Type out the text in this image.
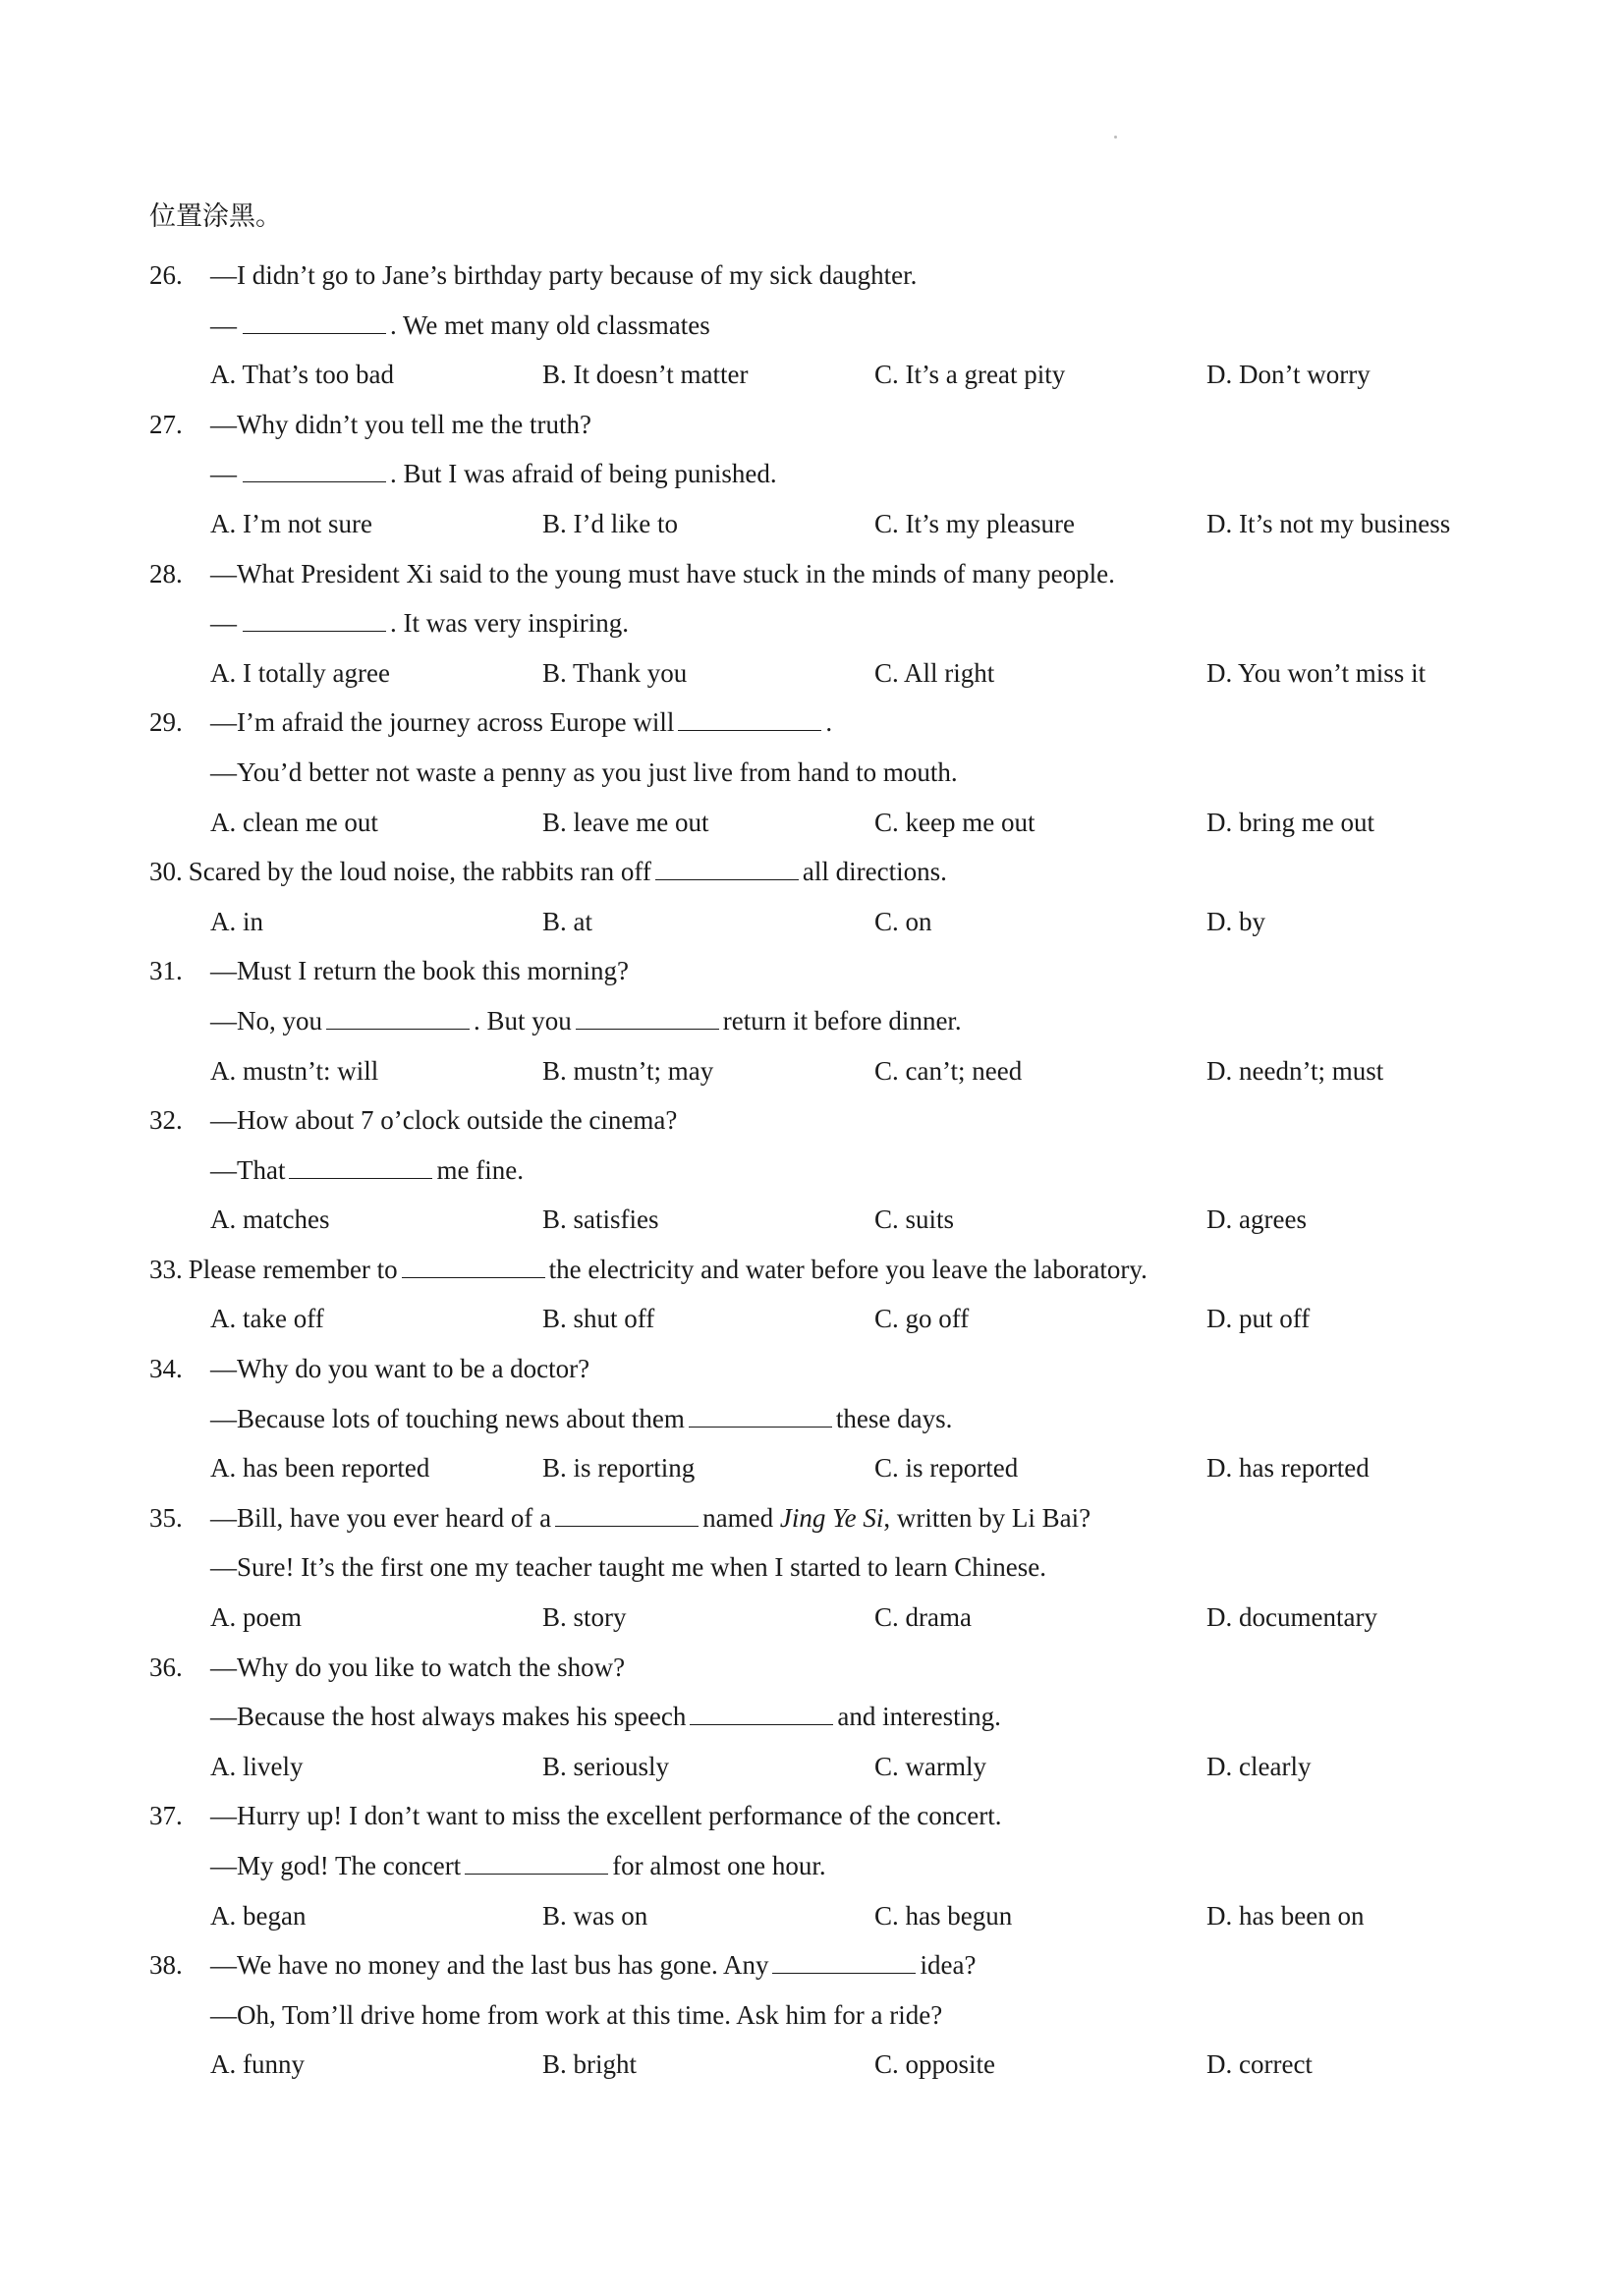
位置涂黑。
26. —I didn’t go to Jane’s birthday party because of my sick daughter.
—	. We met many old classmates
A. That’s too bad	B. It doesn’t matter	C. It’s a great pity	D. Don’t worry
27. —Why didn’t you tell me the truth?
—	. But I was afraid of being punished.
A. I’m not sure	B. I’d like to	C. It’s my pleasure	D. It’s not my business
28. —What President Xi said to the young must have stuck in the minds of many people.
—	. It was very inspiring.
A. I totally agree	B. Thank you	C. All right	D. You won’t miss it
29. —I’m afraid the journey across Europe will	.
—You’d better not waste a penny as you just live from hand to mouth.
A. clean me out	B. leave me out	C. keep me out	D. bring me out
30. Scared by the loud noise, the rabbits ran off	all directions.
A. in	B. at	C. on	D. by
31. —Must I return the book this morning?
—No, you	. But you	return it before dinner.
A. mustn’t: will	B. mustn’t; may	C. can’t; need	D. needn’t; must
32. —How about 7 o’clock outside the cinema?
—That	me fine.
A. matches	B. satisfies	C. suits	D. agrees
33. Please remember to	the electricity and water before you leave the laboratory.
A. take off	B. shut off	C. go off	D. put off
34. —Why do you want to be a doctor?
—Because lots of touching news about them	these days.
A. has been reported	B. is reporting	C. is reported	D. has reported
35. —Bill, have you ever heard of a	named Jing Ye Si, written by Li Bai?
—Sure! It’s the first one my teacher taught me when I started to learn Chinese.
A. poem	B. story	C. drama	D. documentary
36. —Why do you like to watch the show?
—Because the host always makes his speech	and interesting.
A. lively	B. seriously	C. warmly	D. clearly
37. —Hurry up! I don’t want to miss the excellent performance of the concert.
—My god! The concert	for almost one hour.
A. began	B. was on	C. has begun	D. has been on
38. —We have no money and the last bus has gone. Any	idea?
—Oh, Tom’ll drive home from work at this time. Ask him for a ride?
A. funny	B. bright	C. opposite	D. correct
